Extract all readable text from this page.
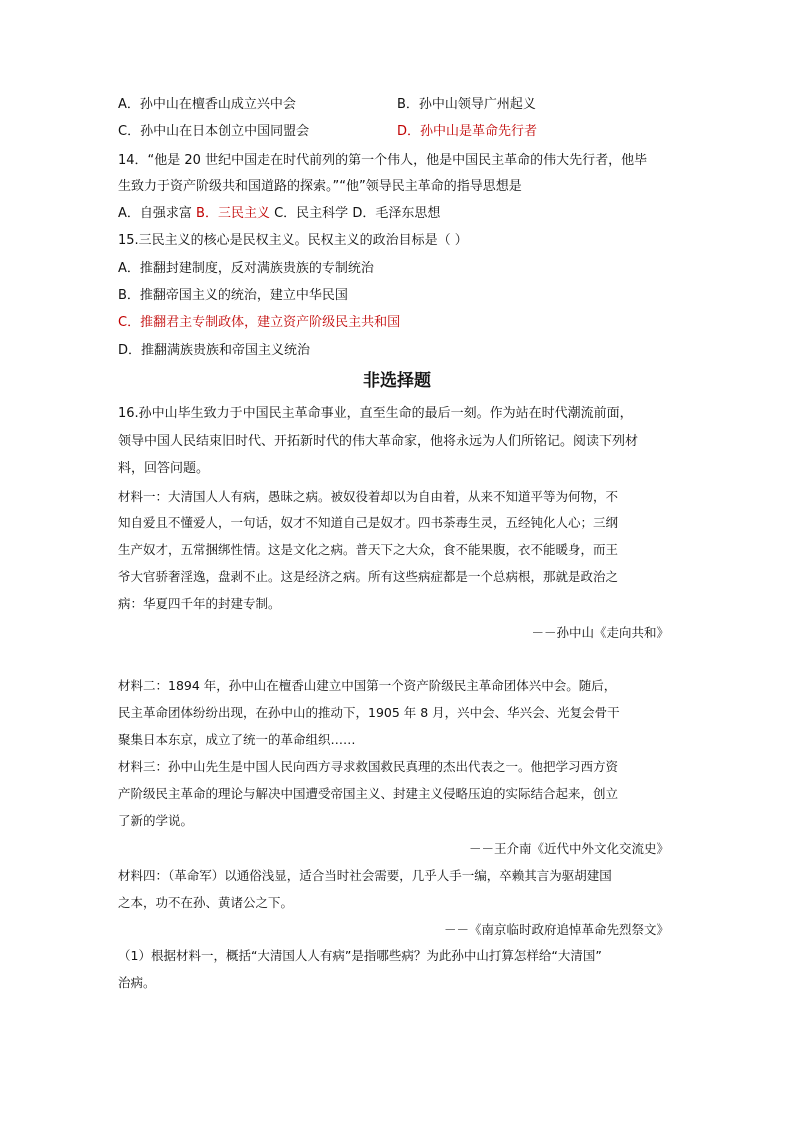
A．孙中山在檀香山成立兴中会	B．孙中山领导广州起义
C．孙中山在日本创立中国同盟会	D．孙中山是革命先行者
14．“他是 20 世纪中国走在时代前列的第一个伟人，他是中国民主革命的伟大先行者，他毕
生致力于资产阶级共和国道路的探索。”“他”领导民主革命的指导思想是
A．自强求富 B．三民主义 C．民主科学 D．毛泽东思想
15.三民主义的核心是民权主义。民权主义的政治目标是（ ）
A．推翻封建制度，反对满族贵族的专制统治
B．推翻帝国主义的统治，建立中华民国
C．推翻君主专制政体，建立资产阶级民主共和国
D．推翻满族贵族和帝国主义统治
非选择题
16.孙中山毕生致力于中国民主革命事业，直至生命的最后一刻。作为站在时代潮流前面，
领导中国人民结束旧时代、开拓新时代的伟大革命家，他将永远为人们所铭记。阅读下列材
料，回答问题。
材料一：大清国人人有病，愚昧之病。被奴役着却以为自由着，从来不知道平等为何物，不
知自爱且不懂爱人，一句话，奴才不知道自己是奴才。四书荼毒生灵，五经钝化人心；三纲
生产奴才，五常捆绑性情。这是文化之病。普天下之大众，食不能果腹，衣不能暖身，而王
爷大官骄奢淫逸，盘剥不止。这是经济之病。所有这些病症都是一个总病根，那就是政治之
病：华夏四千年的封建专制。
－－孙中山《走向共和》
材料二：1894 年，孙中山在檀香山建立中国第一个资产阶级民主革命团体兴中会。随后，
民主革命团体纷纷出现，在孙中山的推动下，1905 年 8 月，兴中会、华兴会、光复会骨干
聚集日本东京，成立了统一的革命组织……
材料三：孙中山先生是中国人民向西方寻求救国救民真理的杰出代表之一。他把学习西方资
产阶级民主革命的理论与解决中国遭受帝国主义、封建主义侵略压迫的实际结合起来，创立
了新的学说。
－－王介南《近代中外文化交流史》
材料四：（革命军）以通俗浅显，适合当时社会需要，几乎人手一编，卒赖其言为驱胡建国
之本，功不在孙、黄诸公之下。
－－《南京临时政府追悼革命先烈祭文》
（1）根据材料一，概括“大清国人人有病”是指哪些病？为此孙中山打算怎样给“大清国”
治病。
